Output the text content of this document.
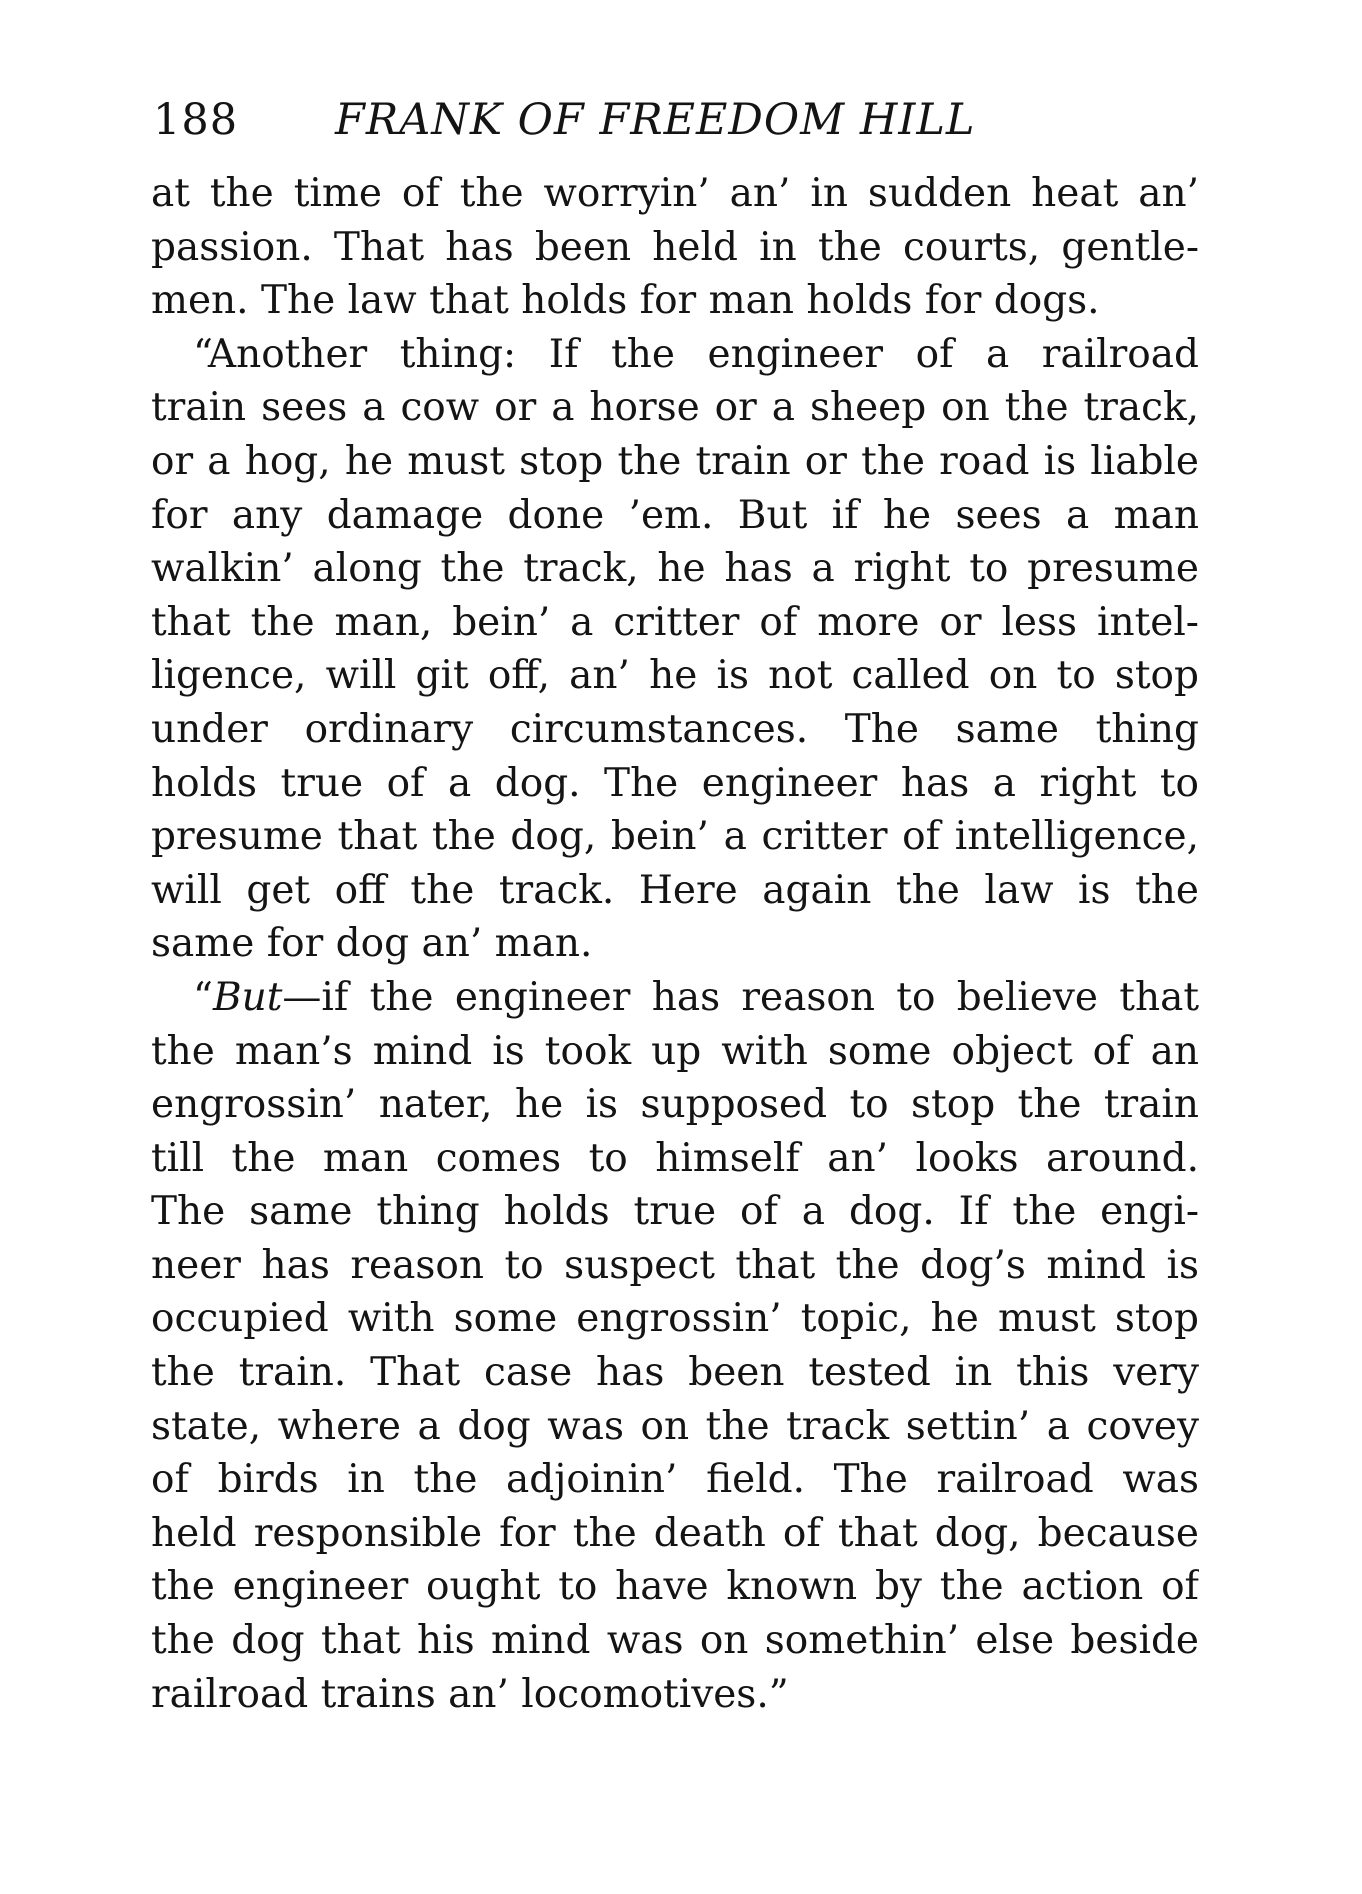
188 FRANK OF FREEDOM HILL
at the time of the worryin’ an’ in sudden heat an’
passion. That has been held in the courts, gentle-
men. The law that holds for man holds for dogs.
“Another thing: If the engineer of a railroad
train sees a cow or a horse or a sheep on the track,
or a hog, he must stop the train or the road is liable
for any damage done ’em. But if he sees a man
walkin’ along the track, he has a right to presume
that the man, bein’ a critter of more or less intel-
ligence, will git off, an’ he is not called on to stop
under ordinary circumstances. The same thing
holds true of a dog. The engineer has a right to
presume that the dog, bein’ a critter of intelligence,
will get off the track. Here again the law is the
same for dog an’ man.
“But—if the engineer has reason to believe that
the man’s mind is took up with some object of an
engrossin’ nater, he is supposed to stop the train
till the man comes to himself an’ looks around.
The same thing holds true of a dog. If the engi-
neer has reason to suspect that the dog’s mind is
occupied with some engrossin’ topic, he must stop
the train. That case has been tested in this very
state, where a dog was on the track settin’ a covey
of birds in the adjoinin’ field. The railroad was
held responsible for the death of that dog, because
the engineer ought to have known by the action of
the dog that his mind was on somethin’ else beside
railroad trains an’ locomotives.”
